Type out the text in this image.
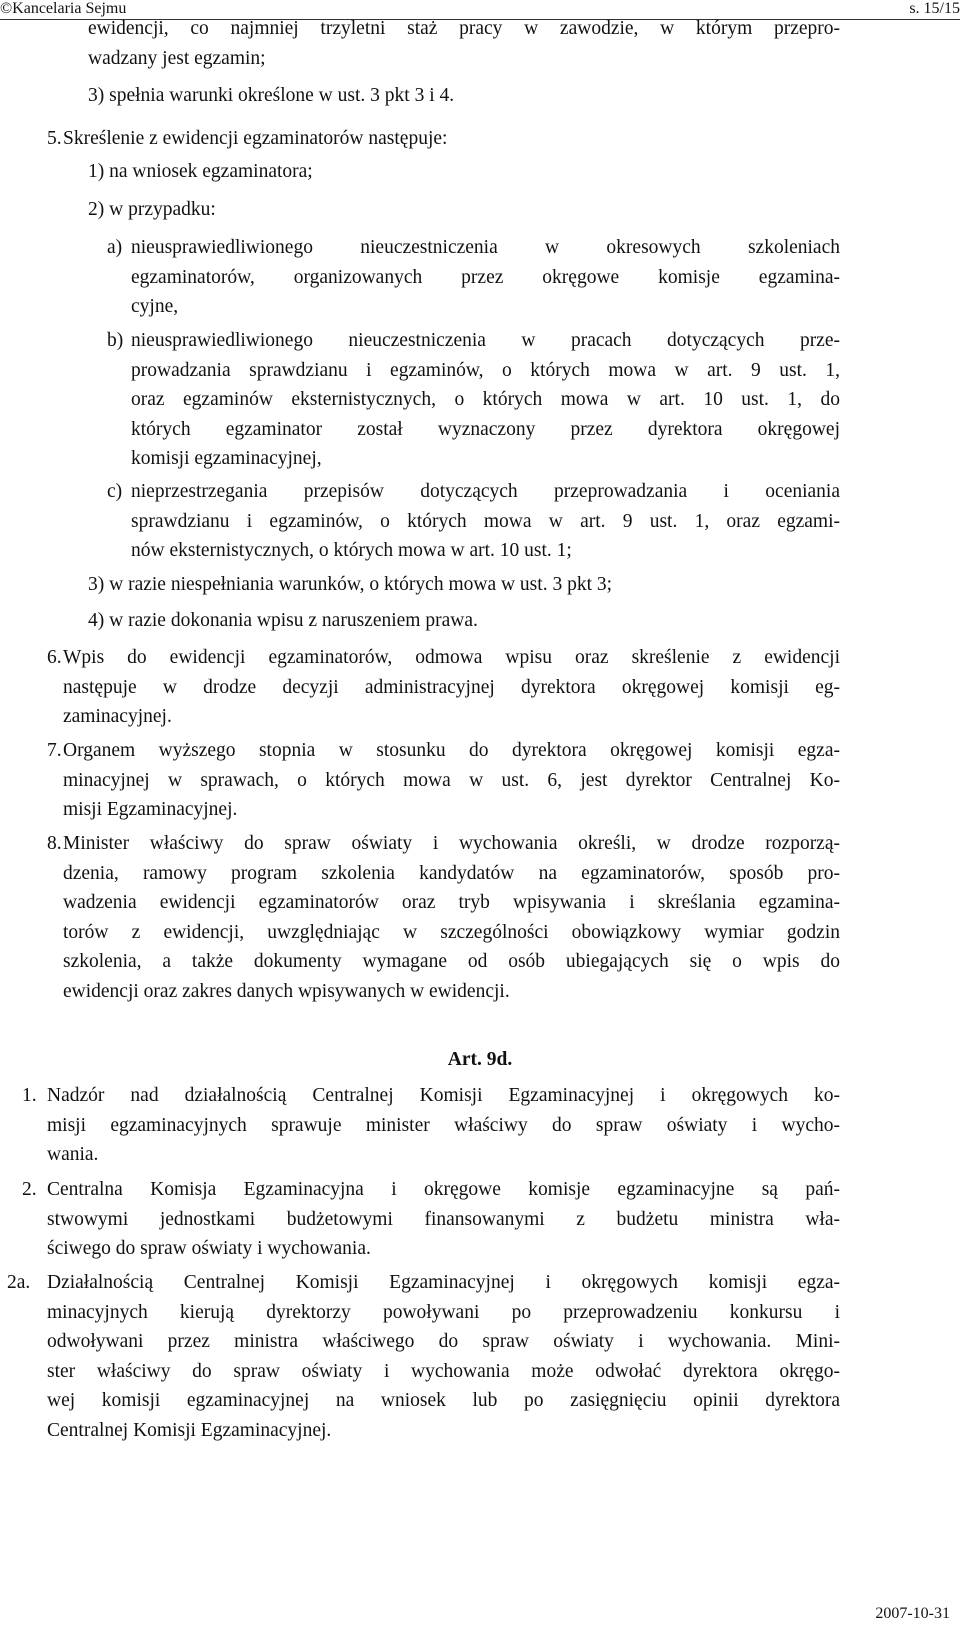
©Kancelaria Sejmu	s. 15/15
ewidencji, co najmniej trzyletni staż pracy w zawodzie, w którym przepro-
wadzany jest egzamin;
3) spełnia warunki określone w ust. 3 pkt 3 i 4.
5. Skreślenie z ewidencji egzaminatorów następuje:
1) na wniosek egzaminatora;
2) w przypadku:
a) nieusprawiedliwionego nieuczestniczenia w okresowych szkoleniach
egzaminatorów, organizowanych przez okręgowe komisje egzamina-
cyjne,
b) nieusprawiedliwionego nieuczestniczenia w pracach dotyczących prze-
prowadzania sprawdzianu i egzaminów, o których mowa w art. 9 ust. 1,
oraz egzaminów eksternistycznych, o których mowa w art. 10 ust. 1, do
których egzaminator został wyznaczony przez dyrektora okręgowej
komisji egzaminacyjnej,
c) nieprzestrzegania przepisów dotyczących przeprowadzania i oceniania
sprawdzianu i egzaminów, o których mowa w art. 9 ust. 1, oraz egzami-
nów eksternistycznych, o których mowa w art. 10 ust. 1;
3) w razie niespełniania warunków, o których mowa w ust. 3 pkt 3;
4) w razie dokonania wpisu z naruszeniem prawa.
6. Wpis do ewidencji egzaminatorów, odmowa wpisu oraz skreślenie z ewidencji
następuje w drodze decyzji administracyjnej dyrektora okręgowej komisji eg-
zaminacyjnej.
7. Organem wyższego stopnia w stosunku do dyrektora okręgowej komisji egza-
minacyjnej w sprawach, o których mowa w ust. 6, jest dyrektor Centralnej Ko-
misji Egzaminacyjnej.
8. Minister właściwy do spraw oświaty i wychowania określi, w drodze rozporzą-
dzenia, ramowy program szkolenia kandydatów na egzaminatorów, sposób pro-
wadzenia ewidencji egzaminatorów oraz tryb wpisywania i skreślania egzamina-
torów z ewidencji, uwzględniając w szczególności obowiązkowy wymiar godzin
szkolenia, a także dokumenty wymagane od osób ubiegających się o wpis do
ewidencji oraz zakres danych wpisywanych w ewidencji.
Art. 9d.
1. Nadzór nad działalnością Centralnej Komisji Egzaminacyjnej i okręgowych ko-
misji egzaminacyjnych sprawuje minister właściwy do spraw oświaty i wycho-
wania.
2. Centralna Komisja Egzaminacyjna i okręgowe komisje egzaminacyjne są pań-
stwowymi jednostkami budżetowymi finansowanymi z budżetu ministra wła-
ściwego do spraw oświaty i wychowania.
2a. Działalnością Centralnej Komisji Egzaminacyjnej i okręgowych komisji egza-
minacyjnych kierują dyrektorzy powoływani po przeprowadzeniu konkursu i
odwoływani przez ministra właściwego do spraw oświaty i wychowania. Mini-
ster właściwy do spraw oświaty i wychowania może odwołać dyrektora okręgo-
wej komisji egzaminacyjnej na wniosek lub po zasięgnięciu opinii dyrektora
Centralnej Komisji Egzaminacyjnej.
2007-10-31
